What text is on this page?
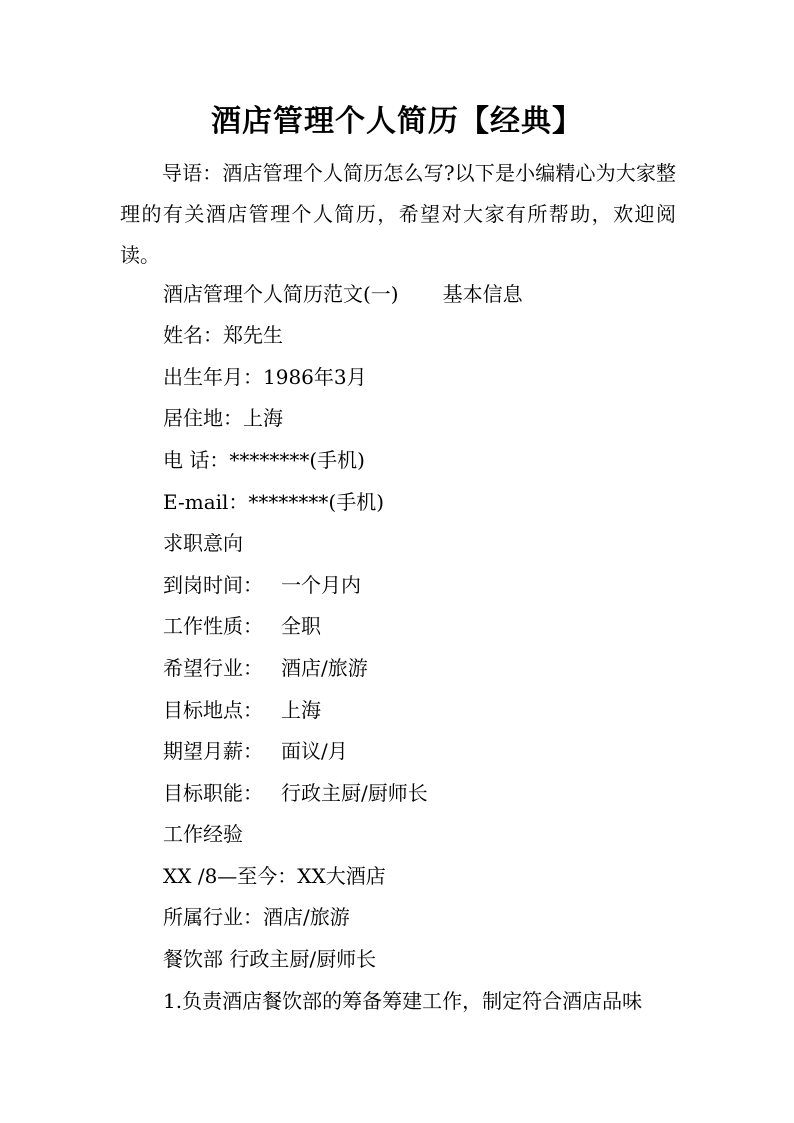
酒店管理个人简历【经典】

导语：酒店管理个人简历怎么写?以下是小编精心为大家整理的有关酒店管理个人简历，希望对大家有所帮助，欢迎阅读。

酒店管理个人简历范文(一) 基本信息

姓名：郑先生

出生年月：1986年3月

居住地：上海

电 话：********(手机)

E-mail：********(手机)

求职意向

到岗时间： 一个月内

工作性质： 全职

希望行业： 酒店/旅游

目标地点： 上海

期望月薪： 面议/月

目标职能： 行政主厨/厨师长

工作经验

XX /8—至今：XX大酒店

所属行业：酒店/旅游

餐饮部 行政主厨/厨师长

1.负责酒店餐饮部的筹备筹建工作，制定符合酒店品味
